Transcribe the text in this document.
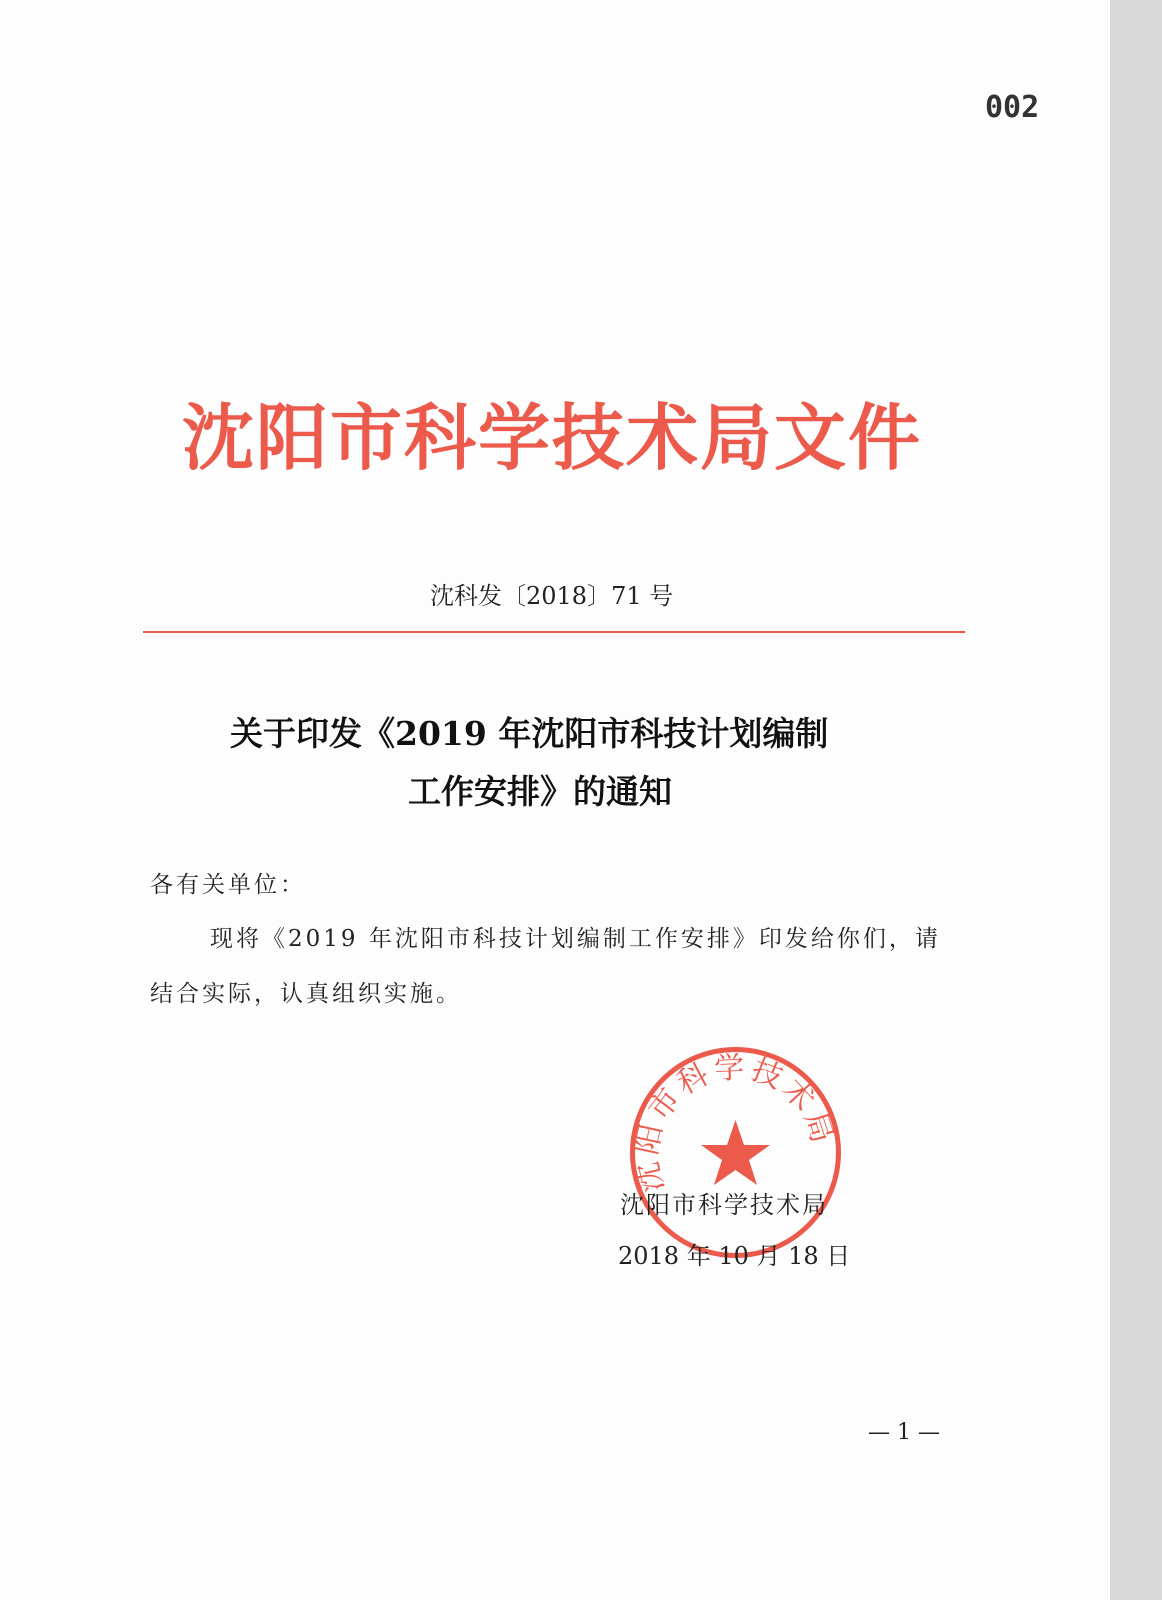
002
沈阳市科学技术局文件
沈科发〔2018〕71 号
关于印发《2019 年沈阳市科技计划编制
工作安排》的通知
各有关单位：
现将《2019 年沈阳市科技计划编制工作安排》印发给你们，请
结合实际，认真组织实施。
沈阳市科学技术局
沈阳市科学技术局
2018 年 10 月 18 日
— 1 —
